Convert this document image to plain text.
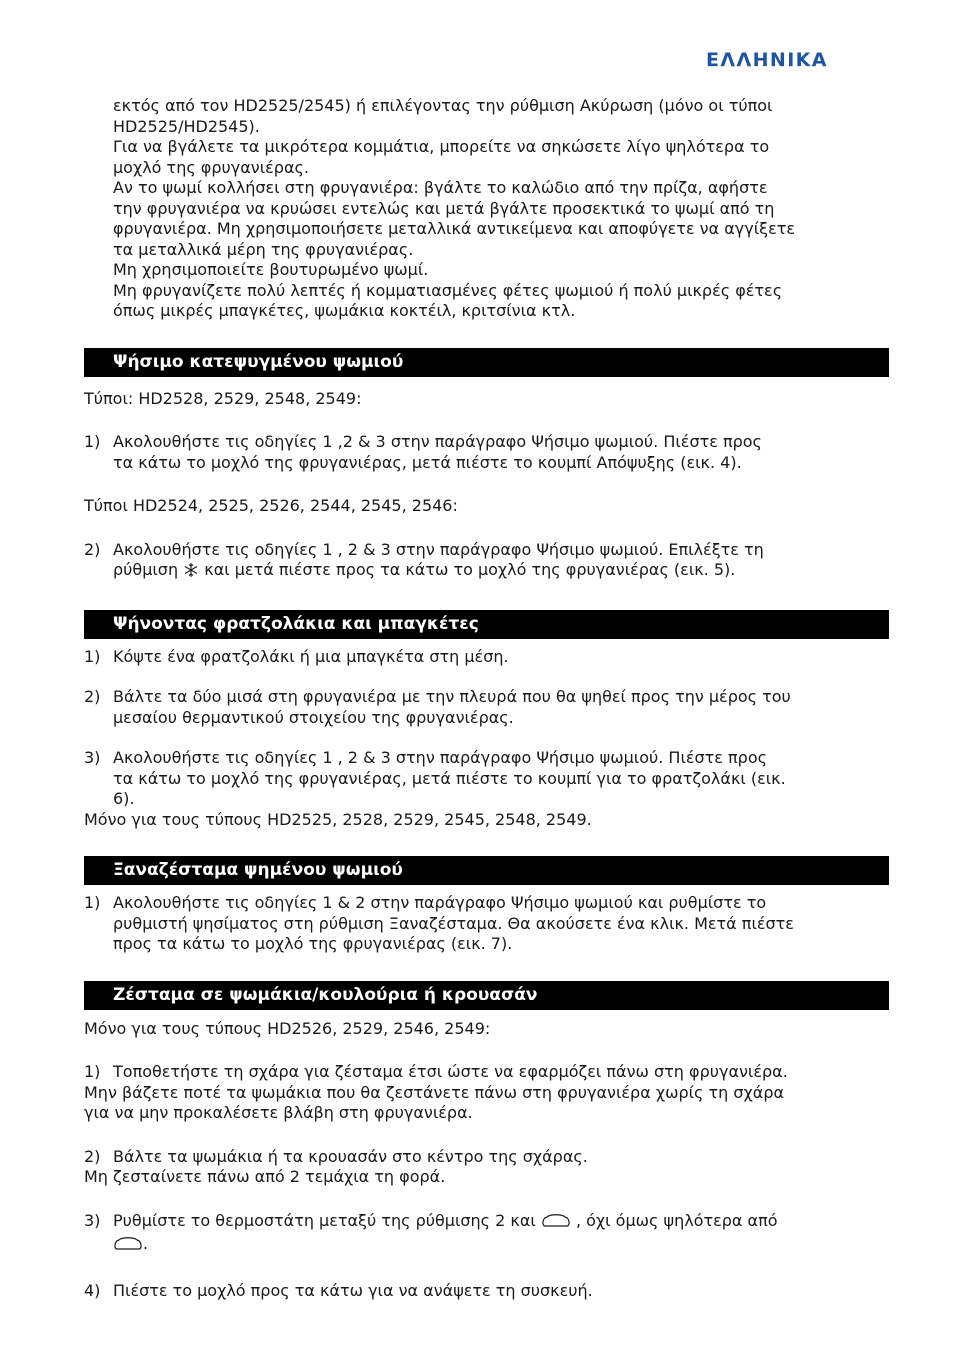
ΕΛΛΗΝΙΚΑ
εκτός από τον HD2525/2545) ή επιλέγοντας την ρύθμιση Ακύρωση (μόνο οι τύποι
HD2525/HD2545).
Για να βγάλετε τα μικρότερα κομμάτια, μπορείτε να σηκώσετε λίγο ψηλότερα το
μοχλό της φρυγανιέρας.
Αν το ψωμί κολλήσει στη φρυγανιέρα: βγάλτε το καλώδιο από την πρίζα, αφήστε
την φρυγανιέρα να κρυώσει εντελώς και μετά βγάλτε προσεκτικά το ψωμί από τη
φρυγανιέρα. Μη χρησιμοποιήσετε μεταλλικά αντικείμενα και αποφύγετε να αγγίξετε
τα μεταλλικά μέρη της φρυγανιέρας.
Μη χρησιμοποιείτε βουτυρωμένο ψωμί.
Μη φρυγανίζετε πολύ λεπτές ή κομματιασμένες φέτες ψωμιού ή πολύ μικρές φέτες
όπως μικρές μπαγκέτες, ψωμάκια κοκτέιλ, κριτσίνια κτλ.
Ψήσιμο κατεψυγμένου ψωμιού
Τύποι: HD2528, 2529, 2548, 2549:
1) Ακολουθήστε τις οδηγίες 1 ,2 & 3 στην παράγραφο Ψήσιμο ψωμιού. Πιέστε προς
τα κάτω το μοχλό της φρυγανιέρας, μετά πιέστε το κουμπί Απόψυξης (εικ. 4).
Τύποι HD2524, 2525, 2526, 2544, 2545, 2546:
2) Ακολουθήστε τις οδηγίες 1 , 2 & 3 στην παράγραφο Ψήσιμο ψωμιού. Επιλέξτε τη
ρύθμιση και μετά πιέστε προς τα κάτω το μοχλό της φρυγανιέρας (εικ. 5).
Ψήνοντας φρατζολάκια και μπαγκέτες
1) Κόψτε ένα φρατζολάκι ή μια μπαγκέτα στη μέση.
2) Βάλτε τα δύο μισά στη φρυγανιέρα με την πλευρά που θα ψηθεί προς την μέρος του
μεσαίου θερμαντικού στοιχείου της φρυγανιέρας.
3) Ακολουθήστε τις οδηγίες 1 , 2 & 3 στην παράγραφο Ψήσιμο ψωμιού. Πιέστε προς
τα κάτω το μοχλό της φρυγανιέρας, μετά πιέστε το κουμπί για το φρατζολάκι (εικ.
6).
Μόνο για τους τύπους HD2525, 2528, 2529, 2545, 2548, 2549.
Ξαναζέσταμα ψημένου ψωμιού
1) Ακολουθήστε τις οδηγίες 1 & 2 στην παράγραφο Ψήσιμο ψωμιού και ρυθμίστε το
ρυθμιστή ψησίματος στη ρύθμιση Ξαναζέσταμα. Θα ακούσετε ένα κλικ. Μετά πιέστε
προς τα κάτω το μοχλό της φρυγανιέρας (εικ. 7).
Ζέσταμα σε ψωμάκια/κουλούρια ή κρουασάν
Μόνο για τους τύπους HD2526, 2529, 2546, 2549:
1) Τοποθετήστε τη σχάρα για ζέσταμα έτσι ώστε να εφαρμόζει πάνω στη φρυγανιέρα.
Μην βάζετε ποτέ τα ψωμάκια που θα ζεστάνετε πάνω στη φρυγανιέρα χωρίς τη σχάρα
για να μην προκαλέσετε βλάβη στη φρυγανιέρα.
2) Βάλτε τα ψωμάκια ή τα κρουασάν στο κέντρο της σχάρας.
Μη ζεσταίνετε πάνω από 2 τεμάχια τη φορά.
3) Ρυθμίστε το θερμοστάτη μεταξύ της ρύθμισης 2 και	, όχι όμως ψηλότερα από
.
4) Πιέστε το μοχλό προς τα κάτω για να ανάψετε τη συσκευή.
